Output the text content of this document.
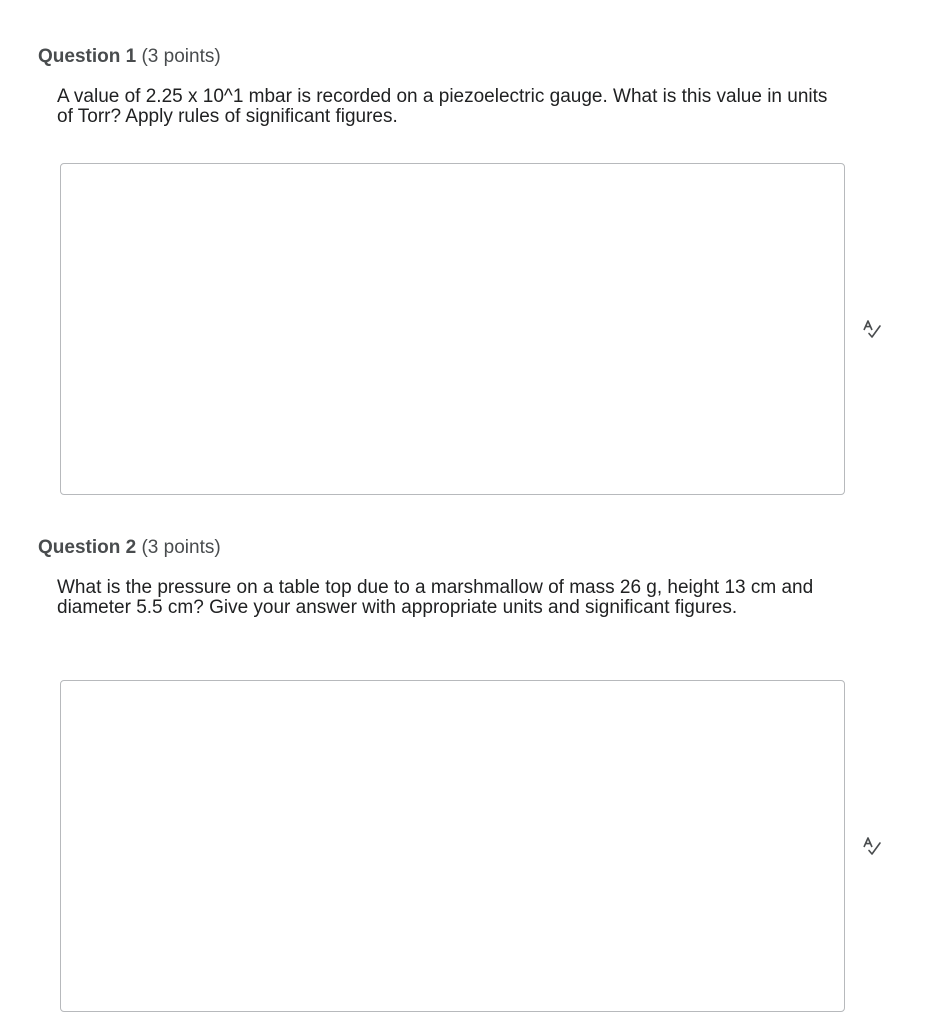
Question 1 (3 points)
A value of 2.25 x 10^1 mbar is recorded on a piezoelectric gauge. What is this value in units of Torr? Apply rules of significant figures.
Question 2 (3 points)
What is the pressure on a table top due to a marshmallow of mass 26 g, height 13 cm and diameter 5.5 cm? Give your answer with appropriate units and significant figures.
